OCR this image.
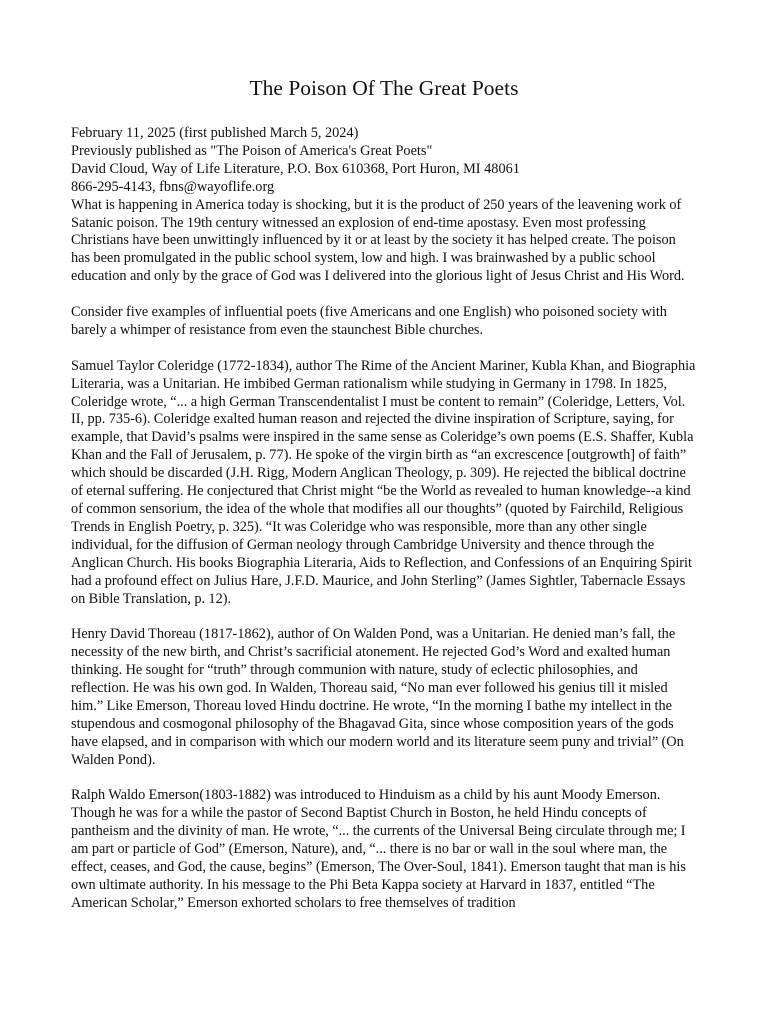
The Poison Of The Great Poets
February 11, 2025 (first published March 5, 2024)
Previously published as "The Poison of America's Great Poets"
David Cloud, Way of Life Literature, P.O. Box 610368, Port Huron, MI 48061
866-295-4143, fbns@wayoflife.org

What is happening in America today is shocking, but it is the product of 250 years of the leavening work of Satanic poison. The 19th century witnessed an explosion of end-time apostasy. Even most professing Christians have been unwittingly influenced by it or at least by the society it has helped create. The poison has been promulgated in the public school system, low and high. I was brainwashed by a public school education and only by the grace of God was I delivered into the glorious light of Jesus Christ and His Word.

Consider five examples of influential poets (five Americans and one English) who poisoned society with barely a whimper of resistance from even the staunchest Bible churches.

Samuel Taylor Coleridge (1772-1834), author The Rime of the Ancient Mariner, Kubla Khan, and Biographia Literaria, was a Unitarian. He imbibed German rationalism while studying in Germany in 1798. In 1825, Coleridge wrote, “... a high German Transcendentalist I must be content to remain” (Coleridge, Letters, Vol. II, pp. 735-6). Coleridge exalted human reason and rejected the divine inspiration of Scripture, saying, for example, that David’s psalms were inspired in the same sense as Coleridge’s own poems (E.S. Shaffer, Kubla Khan and the Fall of Jerusalem, p. 77). He spoke of the virgin birth as “an excrescence [outgrowth] of faith” which should be discarded (J.H. Rigg, Modern Anglican Theology, p. 309). He rejected the biblical doctrine of eternal suffering. He conjectured that Christ might “be the World as revealed to human knowledge--a kind of common sensorium, the idea of the whole that modifies all our thoughts” (quoted by Fairchild, Religious Trends in English Poetry, p. 325). “It was Coleridge who was responsible, more than any other single individual, for the diffusion of German neology through Cambridge University and thence through the Anglican Church. His books Biographia Literaria, Aids to Reflection, and Confessions of an Enquiring Spirit had a profound effect on Julius Hare, J.F.D. Maurice, and John Sterling” (James Sightler, Tabernacle Essays on Bible Translation, p. 12).

Henry David Thoreau (1817-1862), author of On Walden Pond, was a Unitarian. He denied man’s fall, the necessity of the new birth, and Christ’s sacrificial atonement. He rejected God’s Word and exalted human thinking. He sought for “truth” through communion with nature, study of eclectic philosophies, and reflection. He was his own god. In Walden, Thoreau said, “No man ever followed his genius till it misled him.” Like Emerson, Thoreau loved Hindu doctrine. He wrote, “In the morning I bathe my intellect in the stupendous and cosmogonal philosophy of the Bhagavad Gita, since whose composition years of the gods have elapsed, and in comparison with which our modern world and its literature seem puny and trivial” (On Walden Pond).

Ralph Waldo Emerson(1803-1882) was introduced to Hinduism as a child by his aunt Moody Emerson. Though he was for a while the pastor of Second Baptist Church in Boston, he held Hindu concepts of pantheism and the divinity of man. He wrote, “... the currents of the Universal Being circulate through me; I am part or particle of God” (Emerson, Nature), and, “... there is no bar or wall in the soul where man, the effect, ceases, and God, the cause, begins” (Emerson, The Over-Soul, 1841). Emerson taught that man is his own ultimate authority. In his message to the Phi Beta Kappa society at Harvard in 1837, entitled “The American Scholar,” Emerson exhorted scholars to free themselves of tradition
